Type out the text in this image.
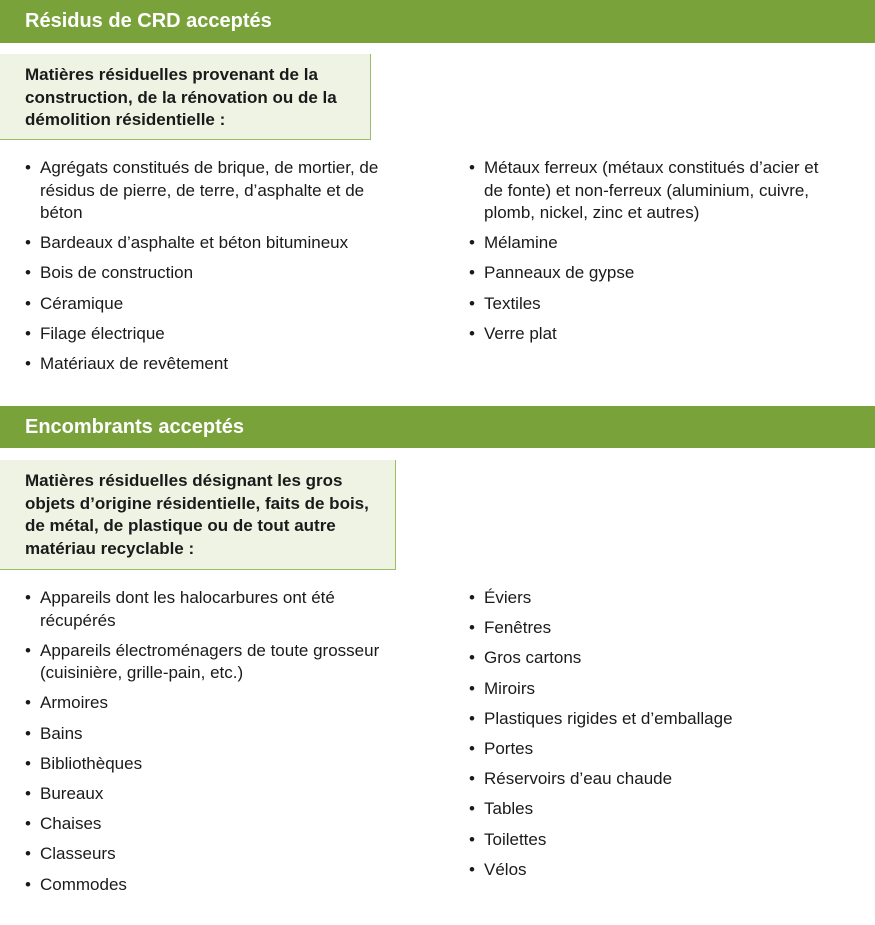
Résidus de CRD acceptés
Matières résiduelles provenant de la construction, de la rénovation ou de la démolition résidentielle :
• Agrégats constitués de brique, de mortier, de résidus de pierre, de terre, d’asphalte et de béton
• Bardeaux d’asphalte et béton bitumineux
• Bois de construction
• Céramique
• Filage électrique
• Matériaux de revêtement
• Métaux ferreux (métaux constitués d’acier et de fonte) et non-ferreux (aluminium, cuivre, plomb, nickel, zinc et autres)
• Mélamine
• Panneaux de gypse
• Textiles
• Verre plat
Encombrants acceptés
Matières résiduelles désignant les gros objets d’origine résidentielle, faits de bois, de métal, de plastique ou de tout autre matériau recyclable :
• Appareils dont les halocarbures ont été récupérés
• Appareils électroménagers de toute grosseur (cuisinière, grille-pain, etc.)
• Armoires
• Bains
• Bibliothèques
• Bureaux
• Chaises
• Classeurs
• Commodes
• Éviers
• Fenêtres
• Gros cartons
• Miroirs
• Plastiques rigides et d’emballage
• Portes
• Réservoirs d’eau chaude
• Tables
• Toilettes
• Vélos
